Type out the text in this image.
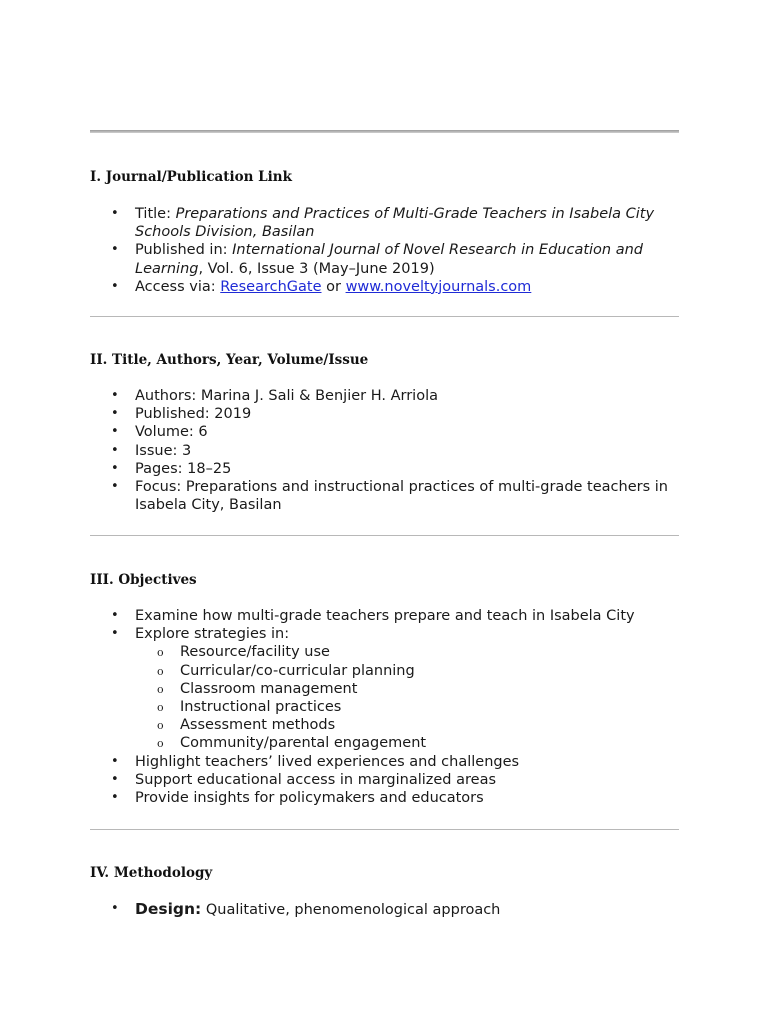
I. Journal/Publication Link
• Title: Preparations and Practices of Multi-Grade Teachers in Isabela City Schools Division, Basilan
• Published in: International Journal of Novel Research in Education and Learning, Vol. 6, Issue 3 (May–June 2019)
• Access via: ResearchGate or www.noveltyjournals.com
II. Title, Authors, Year, Volume/Issue
• Authors: Marina J. Sali & Benjier H. Arriola
• Published: 2019
• Volume: 6
• Issue: 3
• Pages: 18–25
• Focus: Preparations and instructional practices of multi-grade teachers in Isabela City, Basilan
III. Objectives
• Examine how multi-grade teachers prepare and teach in Isabela City
• Explore strategies in:
o Resource/facility use
o Curricular/co-curricular planning
o Classroom management
o Instructional practices
o Assessment methods
o Community/parental engagement
• Highlight teachers’ lived experiences and challenges
• Support educational access in marginalized areas
• Provide insights for policymakers and educators
IV. Methodology
• Design: Qualitative, phenomenological approach
